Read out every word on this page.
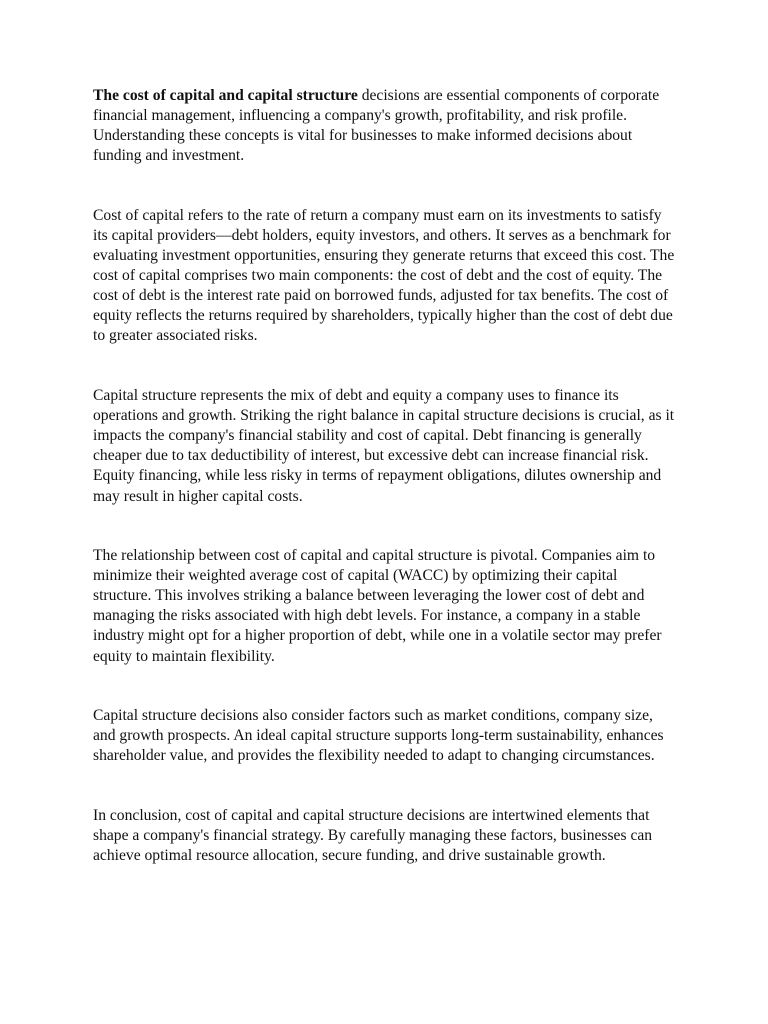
The cost of capital and capital structure decisions are essential components of corporate financial management, influencing a company's growth, profitability, and risk profile. Understanding these concepts is vital for businesses to make informed decisions about funding and investment.

Cost of capital refers to the rate of return a company must earn on its investments to satisfy its capital providers—debt holders, equity investors, and others. It serves as a benchmark for evaluating investment opportunities, ensuring they generate returns that exceed this cost. The cost of capital comprises two main components: the cost of debt and the cost of equity. The cost of debt is the interest rate paid on borrowed funds, adjusted for tax benefits. The cost of equity reflects the returns required by shareholders, typically higher than the cost of debt due to greater associated risks.

Capital structure represents the mix of debt and equity a company uses to finance its operations and growth. Striking the right balance in capital structure decisions is crucial, as it impacts the company's financial stability and cost of capital. Debt financing is generally cheaper due to tax deductibility of interest, but excessive debt can increase financial risk. Equity financing, while less risky in terms of repayment obligations, dilutes ownership and may result in higher capital costs.

The relationship between cost of capital and capital structure is pivotal. Companies aim to minimize their weighted average cost of capital (WACC) by optimizing their capital structure. This involves striking a balance between leveraging the lower cost of debt and managing the risks associated with high debt levels. For instance, a company in a stable industry might opt for a higher proportion of debt, while one in a volatile sector may prefer equity to maintain flexibility.

Capital structure decisions also consider factors such as market conditions, company size, and growth prospects. An ideal capital structure supports long-term sustainability, enhances shareholder value, and provides the flexibility needed to adapt to changing circumstances.

In conclusion, cost of capital and capital structure decisions are intertwined elements that shape a company's financial strategy. By carefully managing these factors, businesses can achieve optimal resource allocation, secure funding, and drive sustainable growth.
